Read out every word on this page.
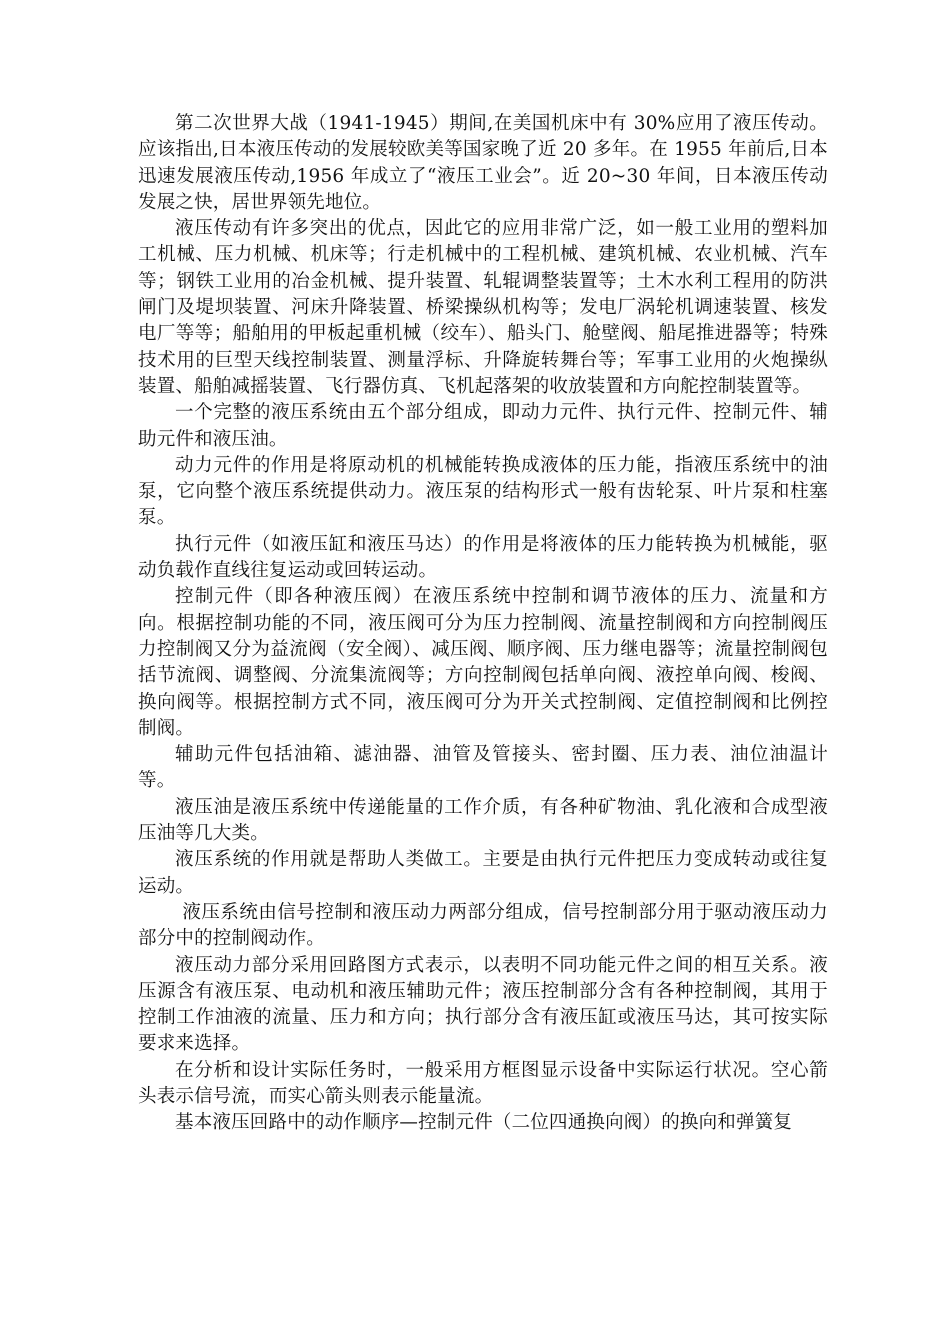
第二次世界大战（1941-1945）期间,在美国机床中有 30%应用了液压传动。应该指出,日本液压传动的发展较欧美等国家晚了近 20 多年。在 1955 年前后,日本迅速发展液压传动,1956 年成立了“液压工业会”。近 20~30 年间，日本液压传动发展之快，居世界领先地位。

液压传动有许多突出的优点，因此它的应用非常广泛，如一般工业用的塑料加工机械、压力机械、机床等；行走机械中的工程机械、建筑机械、农业机械、汽车等；钢铁工业用的冶金机械、提升装置、轧辊调整装置等；土木水利工程用的防洪闸门及堤坝装置、河床升降装置、桥梁操纵机构等；发电厂涡轮机调速装置、核发电厂等等；船舶用的甲板起重机械（绞车）、船头门、舱壁阀、船尾推进器等；特殊技术用的巨型天线控制装置、测量浮标、升降旋转舞台等；军事工业用的火炮操纵装置、船舶减摇装置、飞行器仿真、飞机起落架的收放装置和方向舵控制装置等。

一个完整的液压系统由五个部分组成，即动力元件、执行元件、控制元件、辅助元件和液压油。

动力元件的作用是将原动机的机械能转换成液体的压力能，指液压系统中的油泵，它向整个液压系统提供动力。液压泵的结构形式一般有齿轮泵、叶片泵和柱塞泵。

执行元件（如液压缸和液压马达）的作用是将液体的压力能转换为机械能，驱动负载作直线往复运动或回转运动。

控制元件（即各种液压阀）在液压系统中控制和调节液体的压力、流量和方向。根据控制功能的不同，液压阀可分为压力控制阀、流量控制阀和方向控制阀压力控制阀又分为益流阀（安全阀）、减压阀、顺序阀、压力继电器等；流量控制阀包括节流阀、调整阀、分流集流阀等；方向控制阀包括单向阀、液控单向阀、梭阀、换向阀等。根据控制方式不同，液压阀可分为开关式控制阀、定值控制阀和比例控制阀。

辅助元件包括油箱、滤油器、油管及管接头、密封圈、压力表、油位油温计等。

液压油是液压系统中传递能量的工作介质，有各种矿物油、乳化液和合成型液压油等几大类。

液压系统的作用就是帮助人类做工。主要是由执行元件把压力变成转动或往复运动。

液压系统由信号控制和液压动力两部分组成，信号控制部分用于驱动液压动力部分中的控制阀动作。

液压动力部分采用回路图方式表示，以表明不同功能元件之间的相互关系。液压源含有液压泵、电动机和液压辅助元件；液压控制部分含有各种控制阀，其用于控制工作油液的流量、压力和方向；执行部分含有液压缸或液压马达，其可按实际要求来选择。

在分析和设计实际任务时，一般采用方框图显示设备中实际运行状况。空心箭头表示信号流，而实心箭头则表示能量流。

基本液压回路中的动作顺序—控制元件（二位四通换向阀）的换向和弹簧复
